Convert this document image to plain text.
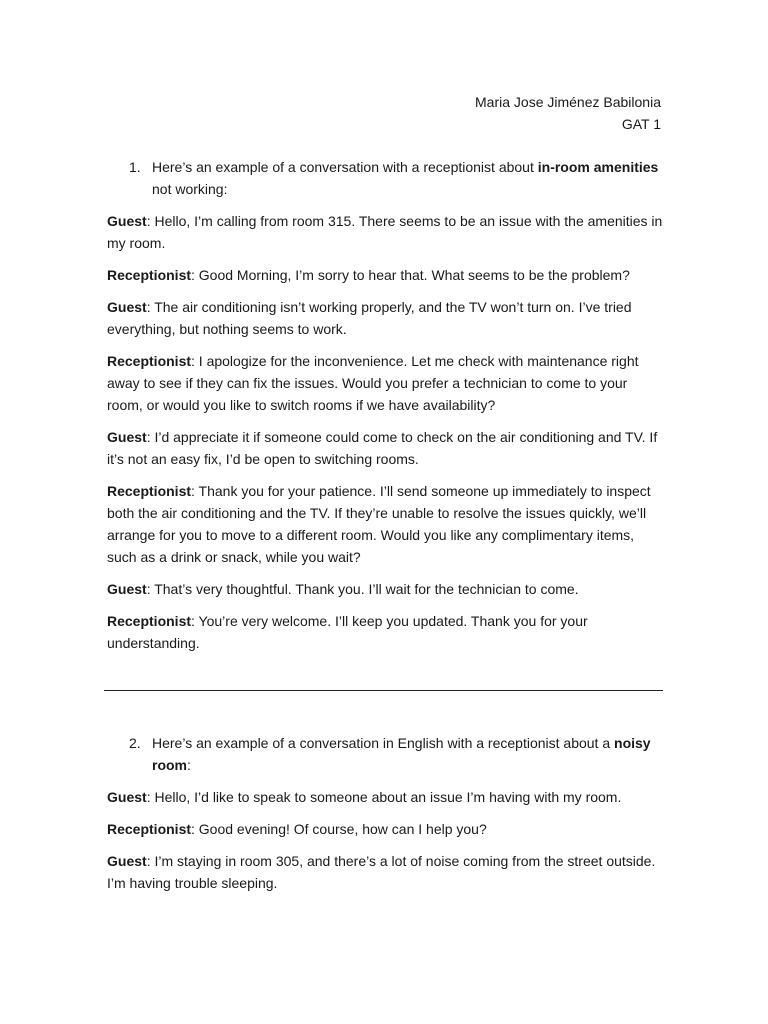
Maria Jose Jiménez Babilonia
GAT 1

1. Here’s an example of a conversation with a receptionist about in-room amenities not working:

Guest: Hello, I’m calling from room 315. There seems to be an issue with the amenities in my room.

Receptionist: Good Morning, I’m sorry to hear that. What seems to be the problem?

Guest: The air conditioning isn’t working properly, and the TV won’t turn on. I’ve tried everything, but nothing seems to work.

Receptionist: I apologize for the inconvenience. Let me check with maintenance right away to see if they can fix the issues. Would you prefer a technician to come to your room, or would you like to switch rooms if we have availability?

Guest: I’d appreciate it if someone could come to check on the air conditioning and TV. If it’s not an easy fix, I’d be open to switching rooms.

Receptionist: Thank you for your patience. I’ll send someone up immediately to inspect both the air conditioning and the TV. If they’re unable to resolve the issues quickly, we’ll arrange for you to move to a different room. Would you like any complimentary items, such as a drink or snack, while you wait?

Guest: That’s very thoughtful. Thank you. I’ll wait for the technician to come.

Receptionist: You’re very welcome. I’ll keep you updated. Thank you for your understanding.

2. Here’s an example of a conversation in English with a receptionist about a noisy room:

Guest: Hello, I’d like to speak to someone about an issue I’m having with my room.

Receptionist: Good evening! Of course, how can I help you?

Guest: I’m staying in room 305, and there’s a lot of noise coming from the street outside. I’m having trouble sleeping.
